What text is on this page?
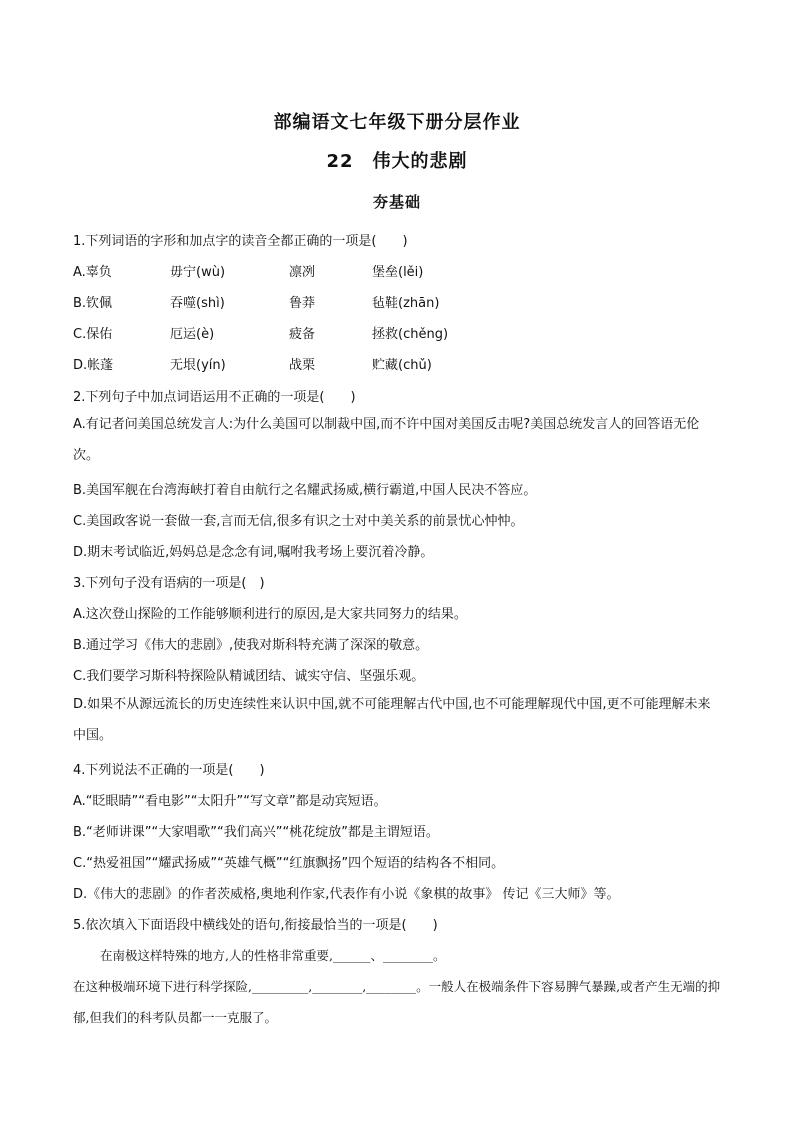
部编语文七年级下册分层作业
22　伟大的悲剧
夯基础
1.下列词语的字形和加点字的读音全都正确的一项是(　　)
A.辜负	毋宁(wù)	凛冽	堡垒(lěi)
B.钦佩	吞噬(shì)	鲁莽	毡鞋(zhān)
C.保佑	厄运(è)	疲备	拯救(chěng)
D.帐蓬	无垠(yín)	战栗	贮藏(chǔ)
2.下列句子中加点词语运用不正确的一项是(　　)
A.有记者问美国总统发言人:为什么美国可以制裁中国,而不许中国对美国反击呢?美国总统发言人的回答语无伦次。
B.美国军舰在台湾海峡打着自由航行之名耀武扬威,横行霸道,中国人民决不答应。
C.美国政客说一套做一套,言而无信,很多有识之士对中美关系的前景忧心忡忡。
D.期末考试临近,妈妈总是念念有词,嘱咐我考场上要沉着冷静。
3.下列句子没有语病的一项是(　)
A.这次登山探险的工作能够顺利进行的原因,是大家共同努力的结果。
B.通过学习《伟大的悲剧》,使我对斯科特充满了深深的敬意。
C.我们要学习斯科特探险队精诚团结、诚实守信、坚强乐观。
D.如果不从源远流长的历史连续性来认识中国,就不可能理解古代中国,也不可能理解现代中国,更不可能理解未来中国。
4.下列说法不正确的一项是(　　)
A.“眨眼睛”“看电影”“太阳升”“写文章”都是动宾短语。
B.“老师讲课”“大家唱歌”“我们高兴”“桃花绽放”都是主谓短语。
C.“热爱祖国”“耀武扬威”“英雄气概”“红旗飘扬”四个短语的结构各不相同。
D.《伟大的悲剧》的作者茨威格,奥地利作家,代表作有小说《象棋的故事》 传记《三大师》等。
5.依次填入下面语段中横线处的语句,衔接最恰当的一项是(　　)
在南极这样特殊的地方,人的性格非常重要,______、________。
在这种极端环境下进行科学探险,_________,________,________。一般人在极端条件下容易脾气暴躁,或者产生无端的抑郁,但我们的科考队员都一一克服了。
